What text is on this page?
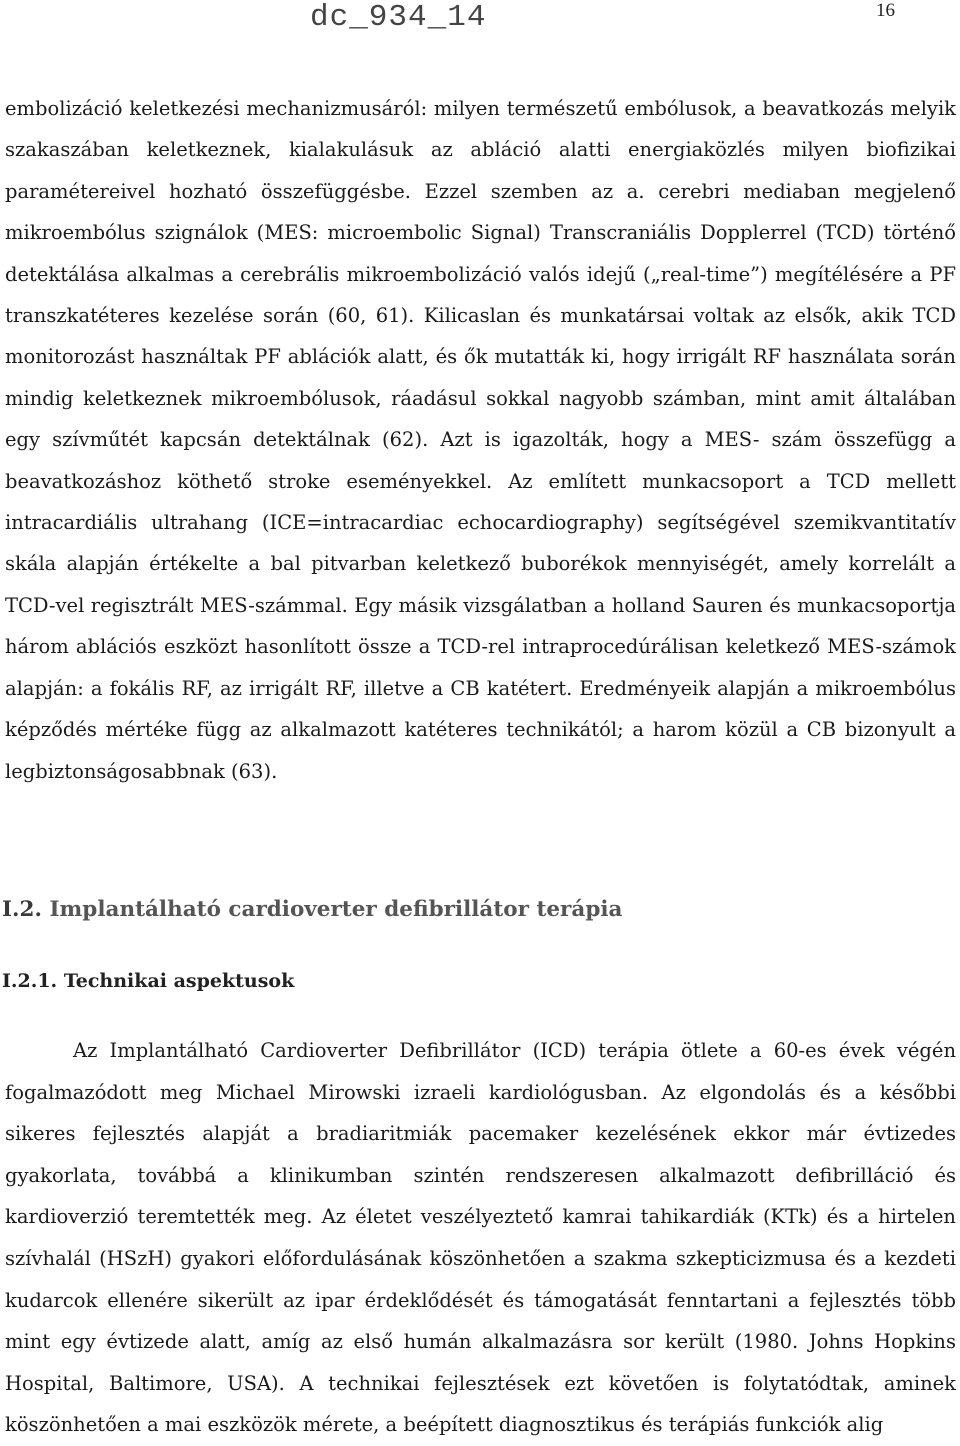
dc_934_14	16

embolizáció keletkezési mechanizmusáról: milyen természetű embólusok, a beavatkozás melyik szakaszában keletkeznek, kialakulásuk az abláció alatti energiaközlés milyen biofizikai paramétereivel hozható összefüggésbe. Ezzel szemben az a. cerebri mediaban megjelenő mikroembólus szignálok (MES: microembolic Signal) Transcraniális Dopplerrel (TCD) történő detektálása alkalmas a cerebrális mikroembolizáció valós idejű („real-time”) megítélésére a PF transzkatéteres kezelése során (60, 61). Kilicaslan és munkatársai voltak az elsők, akik TCD monitorozást használtak PF ablációk alatt, és ők mutatták ki, hogy irrigált RF használata során mindig keletkeznek mikroembólusok, ráadásul sokkal nagyobb számban, mint amit általában egy szívműtét kapcsán detektálnak (62). Azt is igazolták, hogy a MES- szám összefügg a beavatkozáshoz köthető stroke eseményekkel. Az említett munkacsoport a TCD mellett intracardiális ultrahang (ICE=intracardiac echocardiography) segítségével szemikvantitatív skála alapján értékelte a bal pitvarban keletkező buborékok mennyiségét, amely korrelált a TCD-vel regisztrált MES-számmal. Egy másik vizsgálatban a holland Sauren és munkacsoportja három ablációs eszközt hasonlított össze a TCD-rel intraprocedúrálisan keletkező MES-számok alapján: a fokális RF, az irrigált RF, illetve a CB katétert. Eredményeik alapján a mikroembólus képződés mértéke függ az alkalmazott katéteres technikától; a harom közül a CB bizonyult a legbiztonságosabbnak (63).

I.2. Implantálható cardioverter defibrillátor terápia
I.2.1. Technikai aspektusok

Az Implantálható Cardioverter Defibrillátor (ICD) terápia ötlete a 60-es évek végén fogalmazódott meg Michael Mirowski izraeli kardiológusban. Az elgondolás és a későbbi sikeres fejlesztés alapját a bradiaritmiák pacemaker kezelésének ekkor már évtizedes gyakorlata, továbbá a klinikumban szintén rendszeresen alkalmazott defibrilláció és kardioverzió teremtették meg. Az életet veszélyeztető kamrai tahikardiák (KTk) és a hirtelen szívhalál (HSzH) gyakori előfordulásának köszönhetően a szakma szkepticizmusa és a kezdeti kudarcok ellenére sikerült az ipar érdeklődését és támogatását fenntartani a fejlesztés több mint egy évtizede alatt, amíg az első humán alkalmazásra sor került (1980. Johns Hopkins Hospital, Baltimore, USA). A technikai fejlesztések ezt követően is folytatódtak, aminek köszönhetően a mai eszközök mérete, a beépített diagnosztikus és terápiás funkciók alig
